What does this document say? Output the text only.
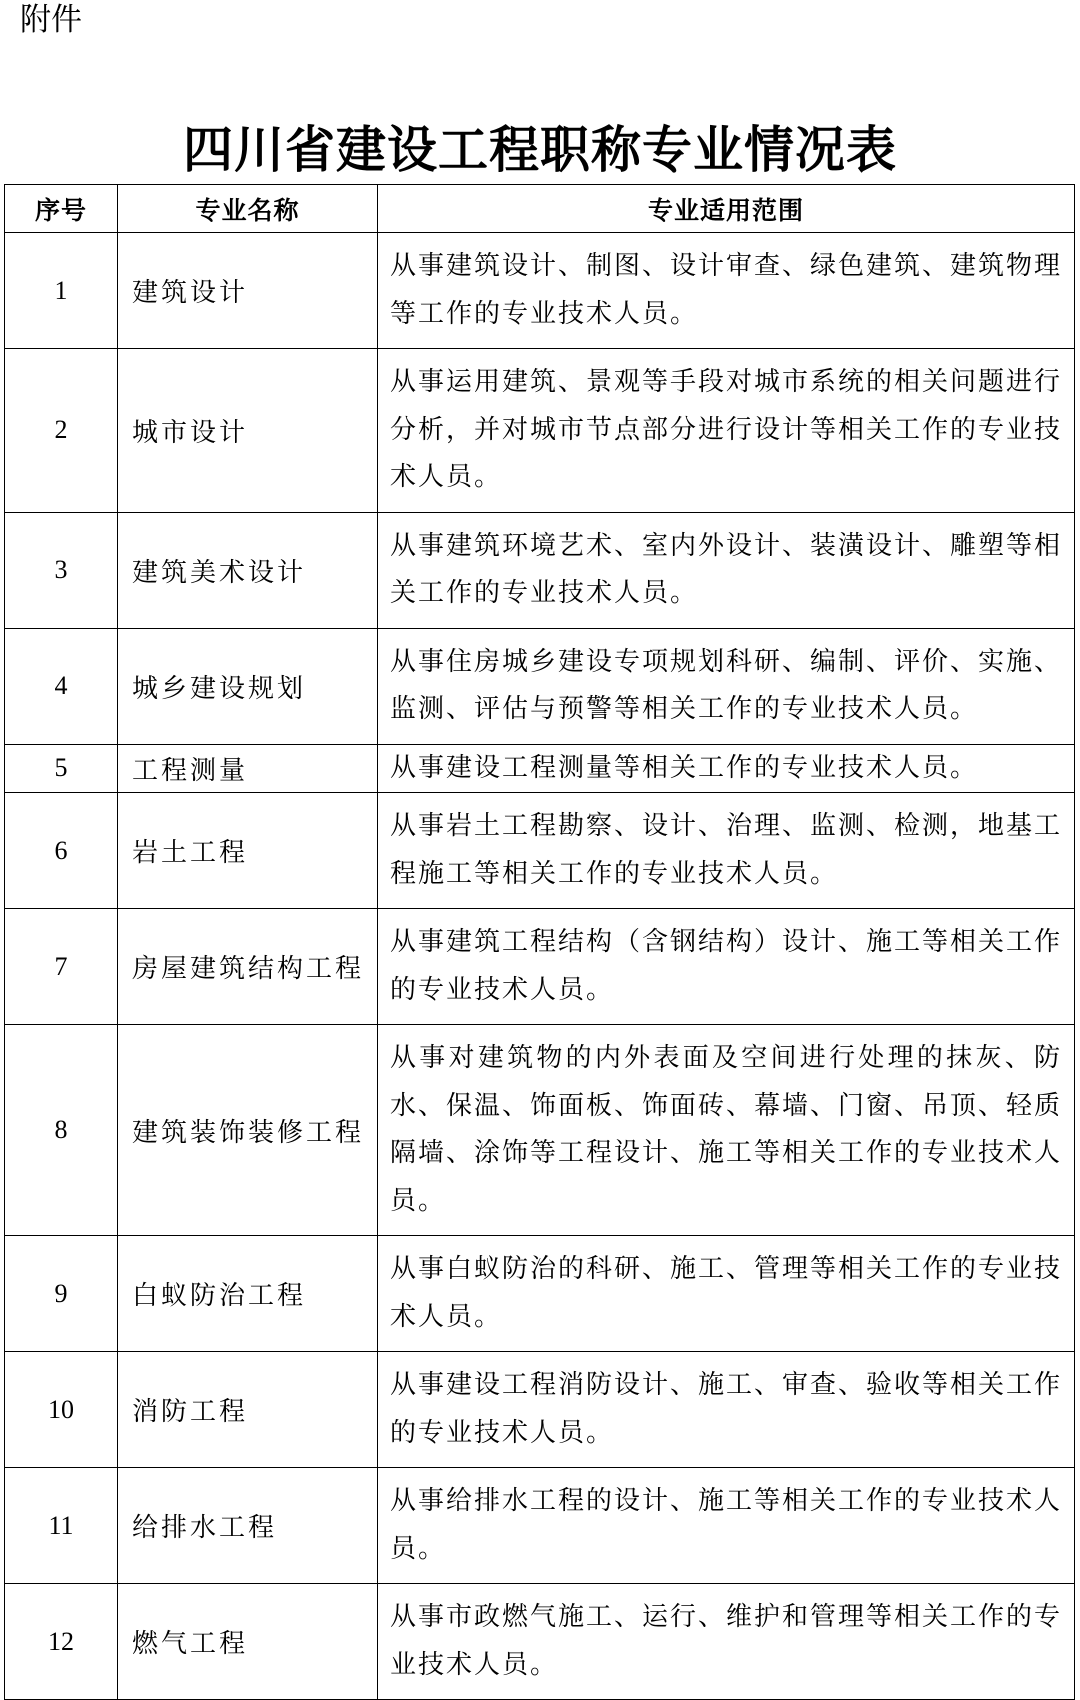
附件
四川省建设工程职称专业情况表
序号	专业名称	专业适用范围
1	建筑设计	从事建筑设计、制图、设计审查、绿色建筑、建筑物理等工作的专业技术人员。
2	城市设计	从事运用建筑、景观等手段对城市系统的相关问题进行分析，并对城市节点部分进行设计等相关工作的专业技术人员。
3	建筑美术设计	从事建筑环境艺术、室内外设计、装潢设计、雕塑等相关工作的专业技术人员。
4	城乡建设规划	从事住房城乡建设专项规划科研、编制、评价、实施、监测、评估与预警等相关工作的专业技术人员。
5	工程测量	从事建设工程测量等相关工作的专业技术人员。
6	岩土工程	从事岩土工程勘察、设计、治理、监测、检测，地基工程施工等相关工作的专业技术人员。
7	房屋建筑结构工程	从事建筑工程结构（含钢结构）设计、施工等相关工作的专业技术人员。
8	建筑装饰装修工程	从事对建筑物的内外表面及空间进行处理的抹灰、防水、保温、饰面板、饰面砖、幕墙、门窗、吊顶、轻质隔墙、涂饰等工程设计、施工等相关工作的专业技术人员。
9	白蚁防治工程	从事白蚁防治的科研、施工、管理等相关工作的专业技术人员。
10	消防工程	从事建设工程消防设计、施工、审查、验收等相关工作的专业技术人员。
11	给排水工程	从事给排水工程的设计、施工等相关工作的专业技术人员。
12	燃气工程	从事市政燃气施工、运行、维护和管理等相关工作的专业技术人员。
